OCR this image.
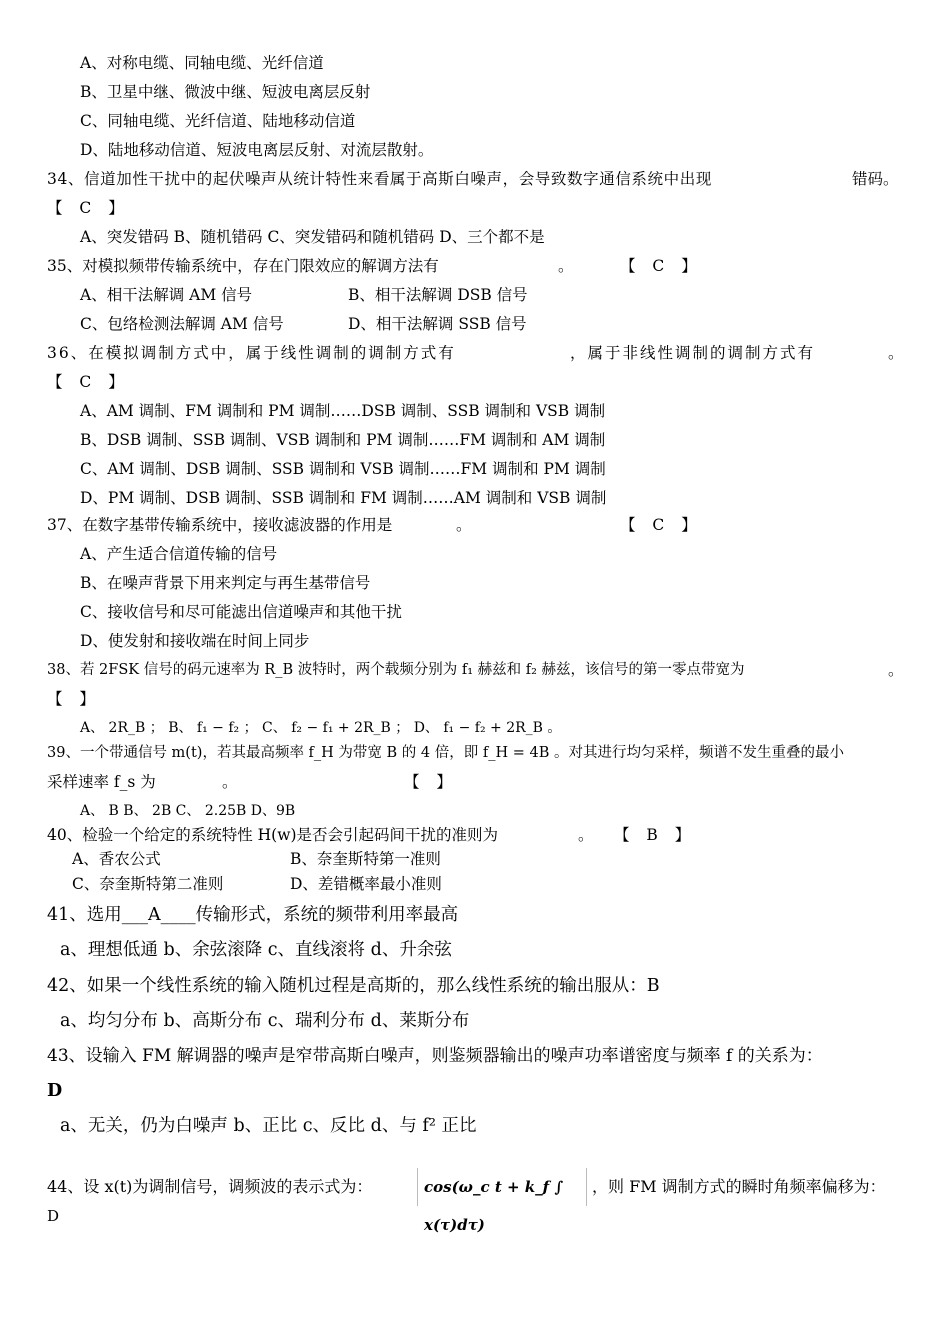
A、对称电缆、同轴电缆、光纤信道
B、卫星中继、微波中继、短波电离层反射
C、同轴电缆、光纤信道、陆地移动信道
D、陆地移动信道、短波电离层反射、对流层散射。
34、信道加性干扰中的起伏噪声从统计特性来看属于高斯白噪声，会导致数字通信系统中出现	错码。
【 C 】
A、突发错码 B、随机错码 C、突发错码和随机错码 D、三个都不是
35、对模拟频带传输系统中，存在门限效应的解调方法有	。	【 C 】
A、相干法解调 AM 信号	B、相干法解调 DSB 信号
C、包络检测法解调 AM 信号	D、相干法解调 SSB 信号
36、在模拟调制方式中，属于线性调制的调制方式有	，属于非线性调制的调制方式有	。
【 C 】
A、AM 调制、FM 调制和 PM 调制……DSB 调制、SSB 调制和 VSB 调制
B、DSB 调制、SSB 调制、VSB 调制和 PM 调制……FM 调制和 AM 调制
C、AM 调制、DSB 调制、SSB 调制和 VSB 调制……FM 调制和 PM 调制
D、PM 调制、DSB 调制、SSB 调制和 FM 调制……AM 调制和 VSB 调制
37、在数字基带传输系统中，接收滤波器的作用是	。	【 C 】
A、产生适合信道传输的信号
B、在噪声背景下用来判定与再生基带信号
C、接收信号和尽可能滤出信道噪声和其他干扰
D、使发射和接收端在时间上同步
38、若 2FSK 信号的码元速率为 R_B 波特时，两个载频分别为 f₁ 赫兹和 f₂ 赫兹，该信号的第一零点带宽为	。
【 】
A、 2R_B ； B、 f₁ − f₂ ； C、 f₂ − f₁ + 2R_B ； D、 f₁ − f₂ + 2R_B 。
39、一个带通信号 m(t)，若其最高频率 f_H 为带宽 B 的 4 倍，即 f_H = 4B 。对其进行均匀采样，频谱不发生重叠的最小
采样速率 f_s 为	。	【 】
A、 B B、 2B C、 2.25B D、9B
40、检验一个给定的系统特性 H(w)是否会引起码间干扰的准则为	。 【 B 】
A、香农公式	B、奈奎斯特第一准则
C、奈奎斯特第二准则	D、差错概率最小准则
41、选用___A____传输形式，系统的频带利用率最高
a、理想低通 b、余弦滚降 c、直线滚将 d、升余弦
42、如果一个线性系统的输入随机过程是高斯的，那么线性系统的输出服从：B
a、均匀分布 b、高斯分布 c、瑞利分布 d、莱斯分布
43、设输入 FM 解调器的噪声是窄带高斯白噪声，则鉴频器输出的噪声功率谱密度与频率 f 的关系为：
D
a、无关，仍为白噪声 b、正比 c、反比 d、与 f² 正比
44、设 x(t)为调制信号，调频波的表示式为：	cos(ω_c t + k_f ∫ x(τ)dτ)
，则 FM 调制方式的瞬时角频率偏移为：
D
